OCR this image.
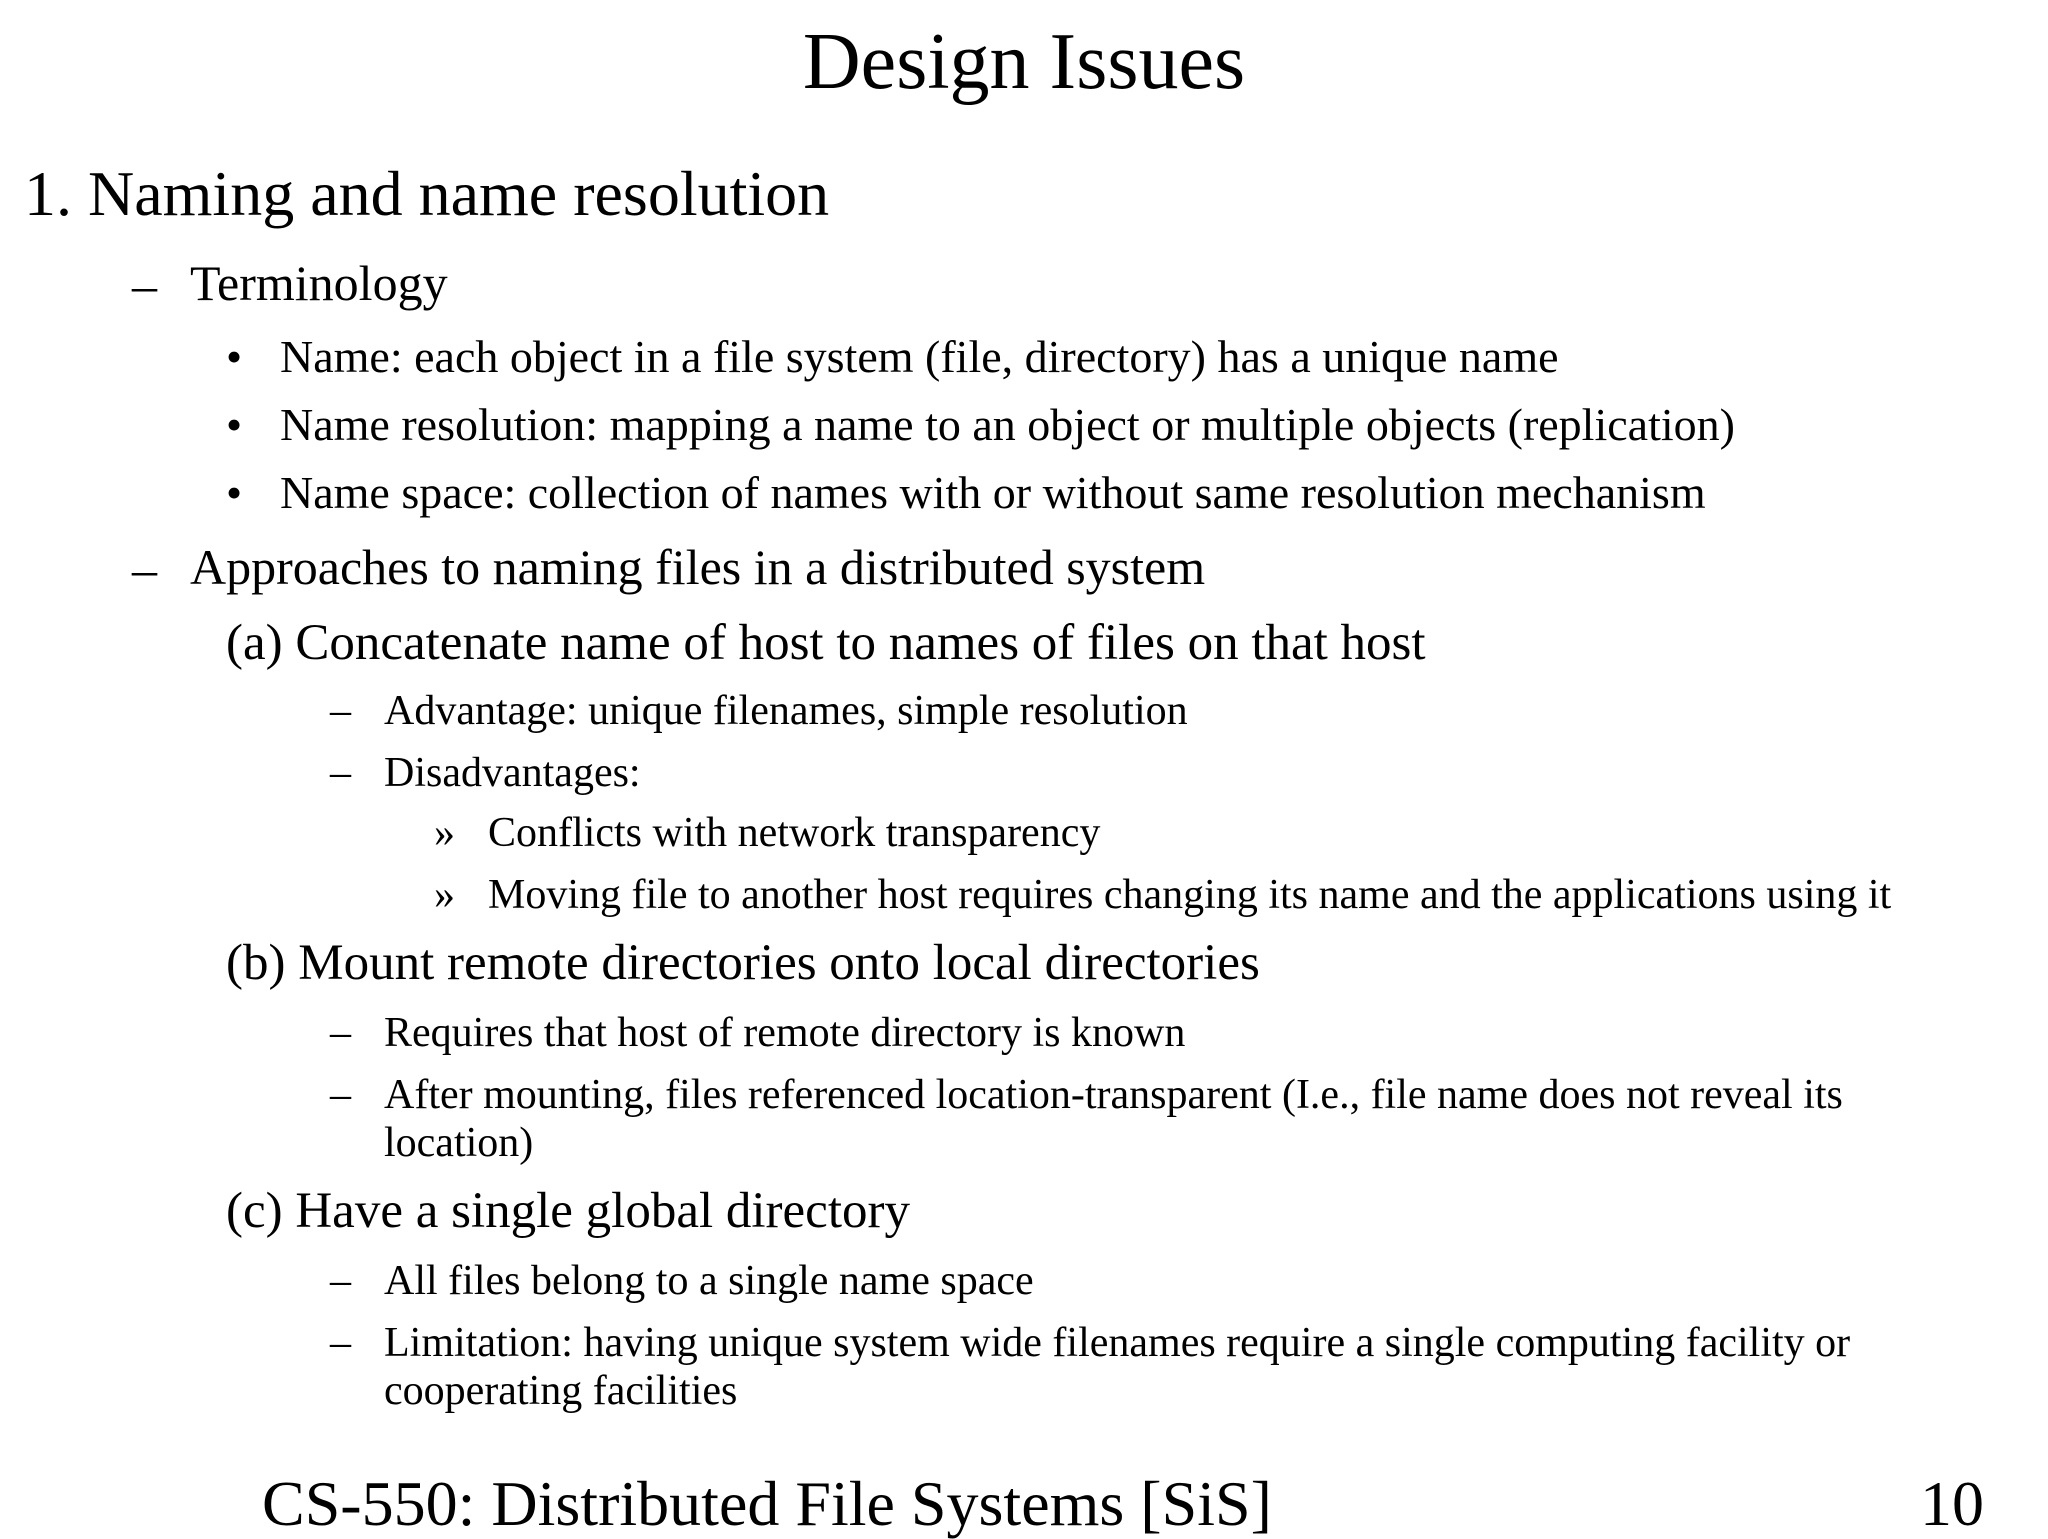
Design Issues
1. Naming and name resolution
– Terminology
• Name: each object in a file system (file, directory) has a unique name
• Name resolution: mapping a name to an object or multiple objects (replication)
• Name space: collection of names with or without same resolution mechanism
– Approaches to naming files in a distributed system
(a) Concatenate name of host to names of files on that host
– Advantage: unique filenames, simple resolution
– Disadvantages:
» Conflicts with network transparency
» Moving file to another host requires changing its name and the applications using it
(b) Mount remote directories onto local directories
– Requires that host of remote directory is known
– After mounting, files referenced location-transparent (I.e., file name does not reveal its
location)
(c) Have a single global directory
– All files belong to a single name space
– Limitation: having unique system wide filenames require a single computing facility or
cooperating facilities
CS-550: Distributed File Systems [SiS]	10
